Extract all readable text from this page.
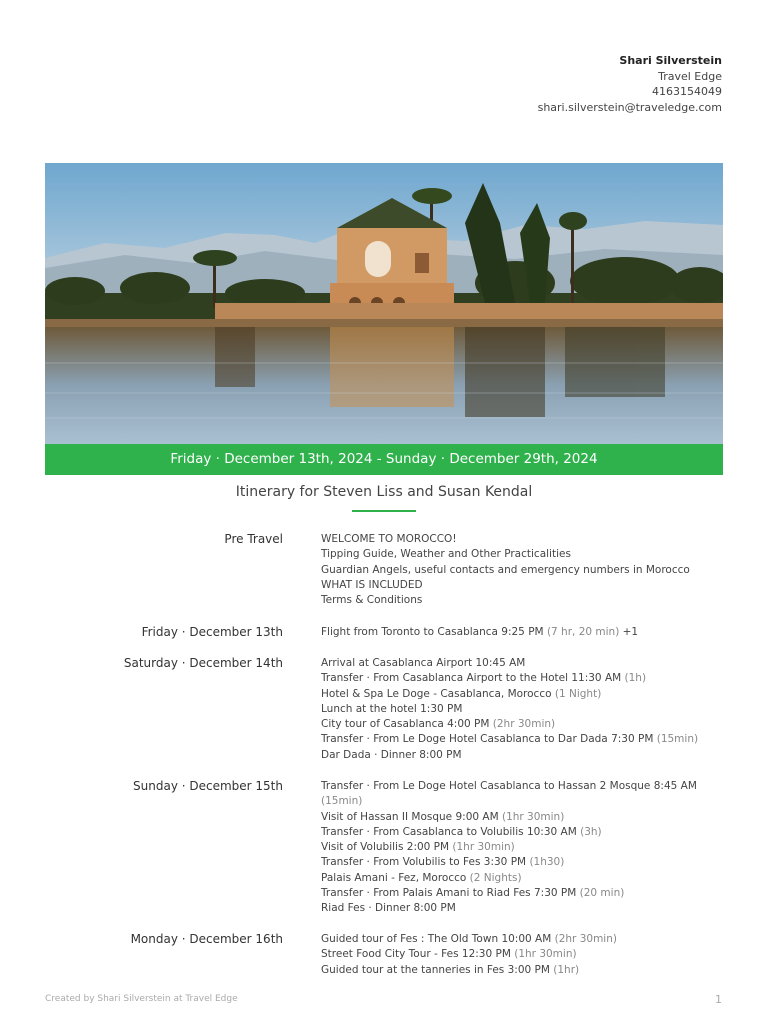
Shari Silverstein
Travel Edge
4163154049
shari.silverstein@traveledge.com
Friday · December 13th, 2024 - Sunday · December 29th, 2024
Itinerary for Steven Liss and Susan Kendal
Pre Travel	WELCOME TO MOROCCO!
Tipping Guide, Weather and Other Practicalities
Guardian Angels, useful contacts and emergency numbers in Morocco
WHAT IS INCLUDED
Terms & Conditions
Friday · December 13th	Flight from Toronto to Casablanca 9:25 PM (7 hr, 20 min) +1
Saturday · December 14th	Arrival at Casablanca Airport 10:45 AM
Transfer · From Casablanca Airport to the Hotel 11:30 AM (1h)
Hotel & Spa Le Doge - Casablanca, Morocco (1 Night)
Lunch at the hotel 1:30 PM
City tour of Casablanca 4:00 PM (2hr 30min)
Transfer · From Le Doge Hotel Casablanca to Dar Dada 7:30 PM (15min)
Dar Dada · Dinner 8:00 PM
Sunday · December 15th	Transfer · From Le Doge Hotel Casablanca to Hassan 2 Mosque 8:45 AM (15min)
Visit of Hassan II Mosque 9:00 AM (1hr 30min)
Transfer · From Casablanca to Volubilis 10:30 AM (3h)
Visit of Volubilis 2:00 PM (1hr 30min)
Transfer · From Volubilis to Fes 3:30 PM (1h30)
Palais Amani - Fez, Morocco (2 Nights)
Transfer · From Palais Amani to Riad Fes 7:30 PM (20 min)
Riad Fes · Dinner 8:00 PM
Monday · December 16th	Guided tour of Fes : The Old Town 10:00 AM (2hr 30min)
Street Food City Tour - Fes 12:30 PM (1hr 30min)
Guided tour at the tanneries in Fes 3:00 PM (1hr)
Created by Shari Silverstein at Travel Edge	1
